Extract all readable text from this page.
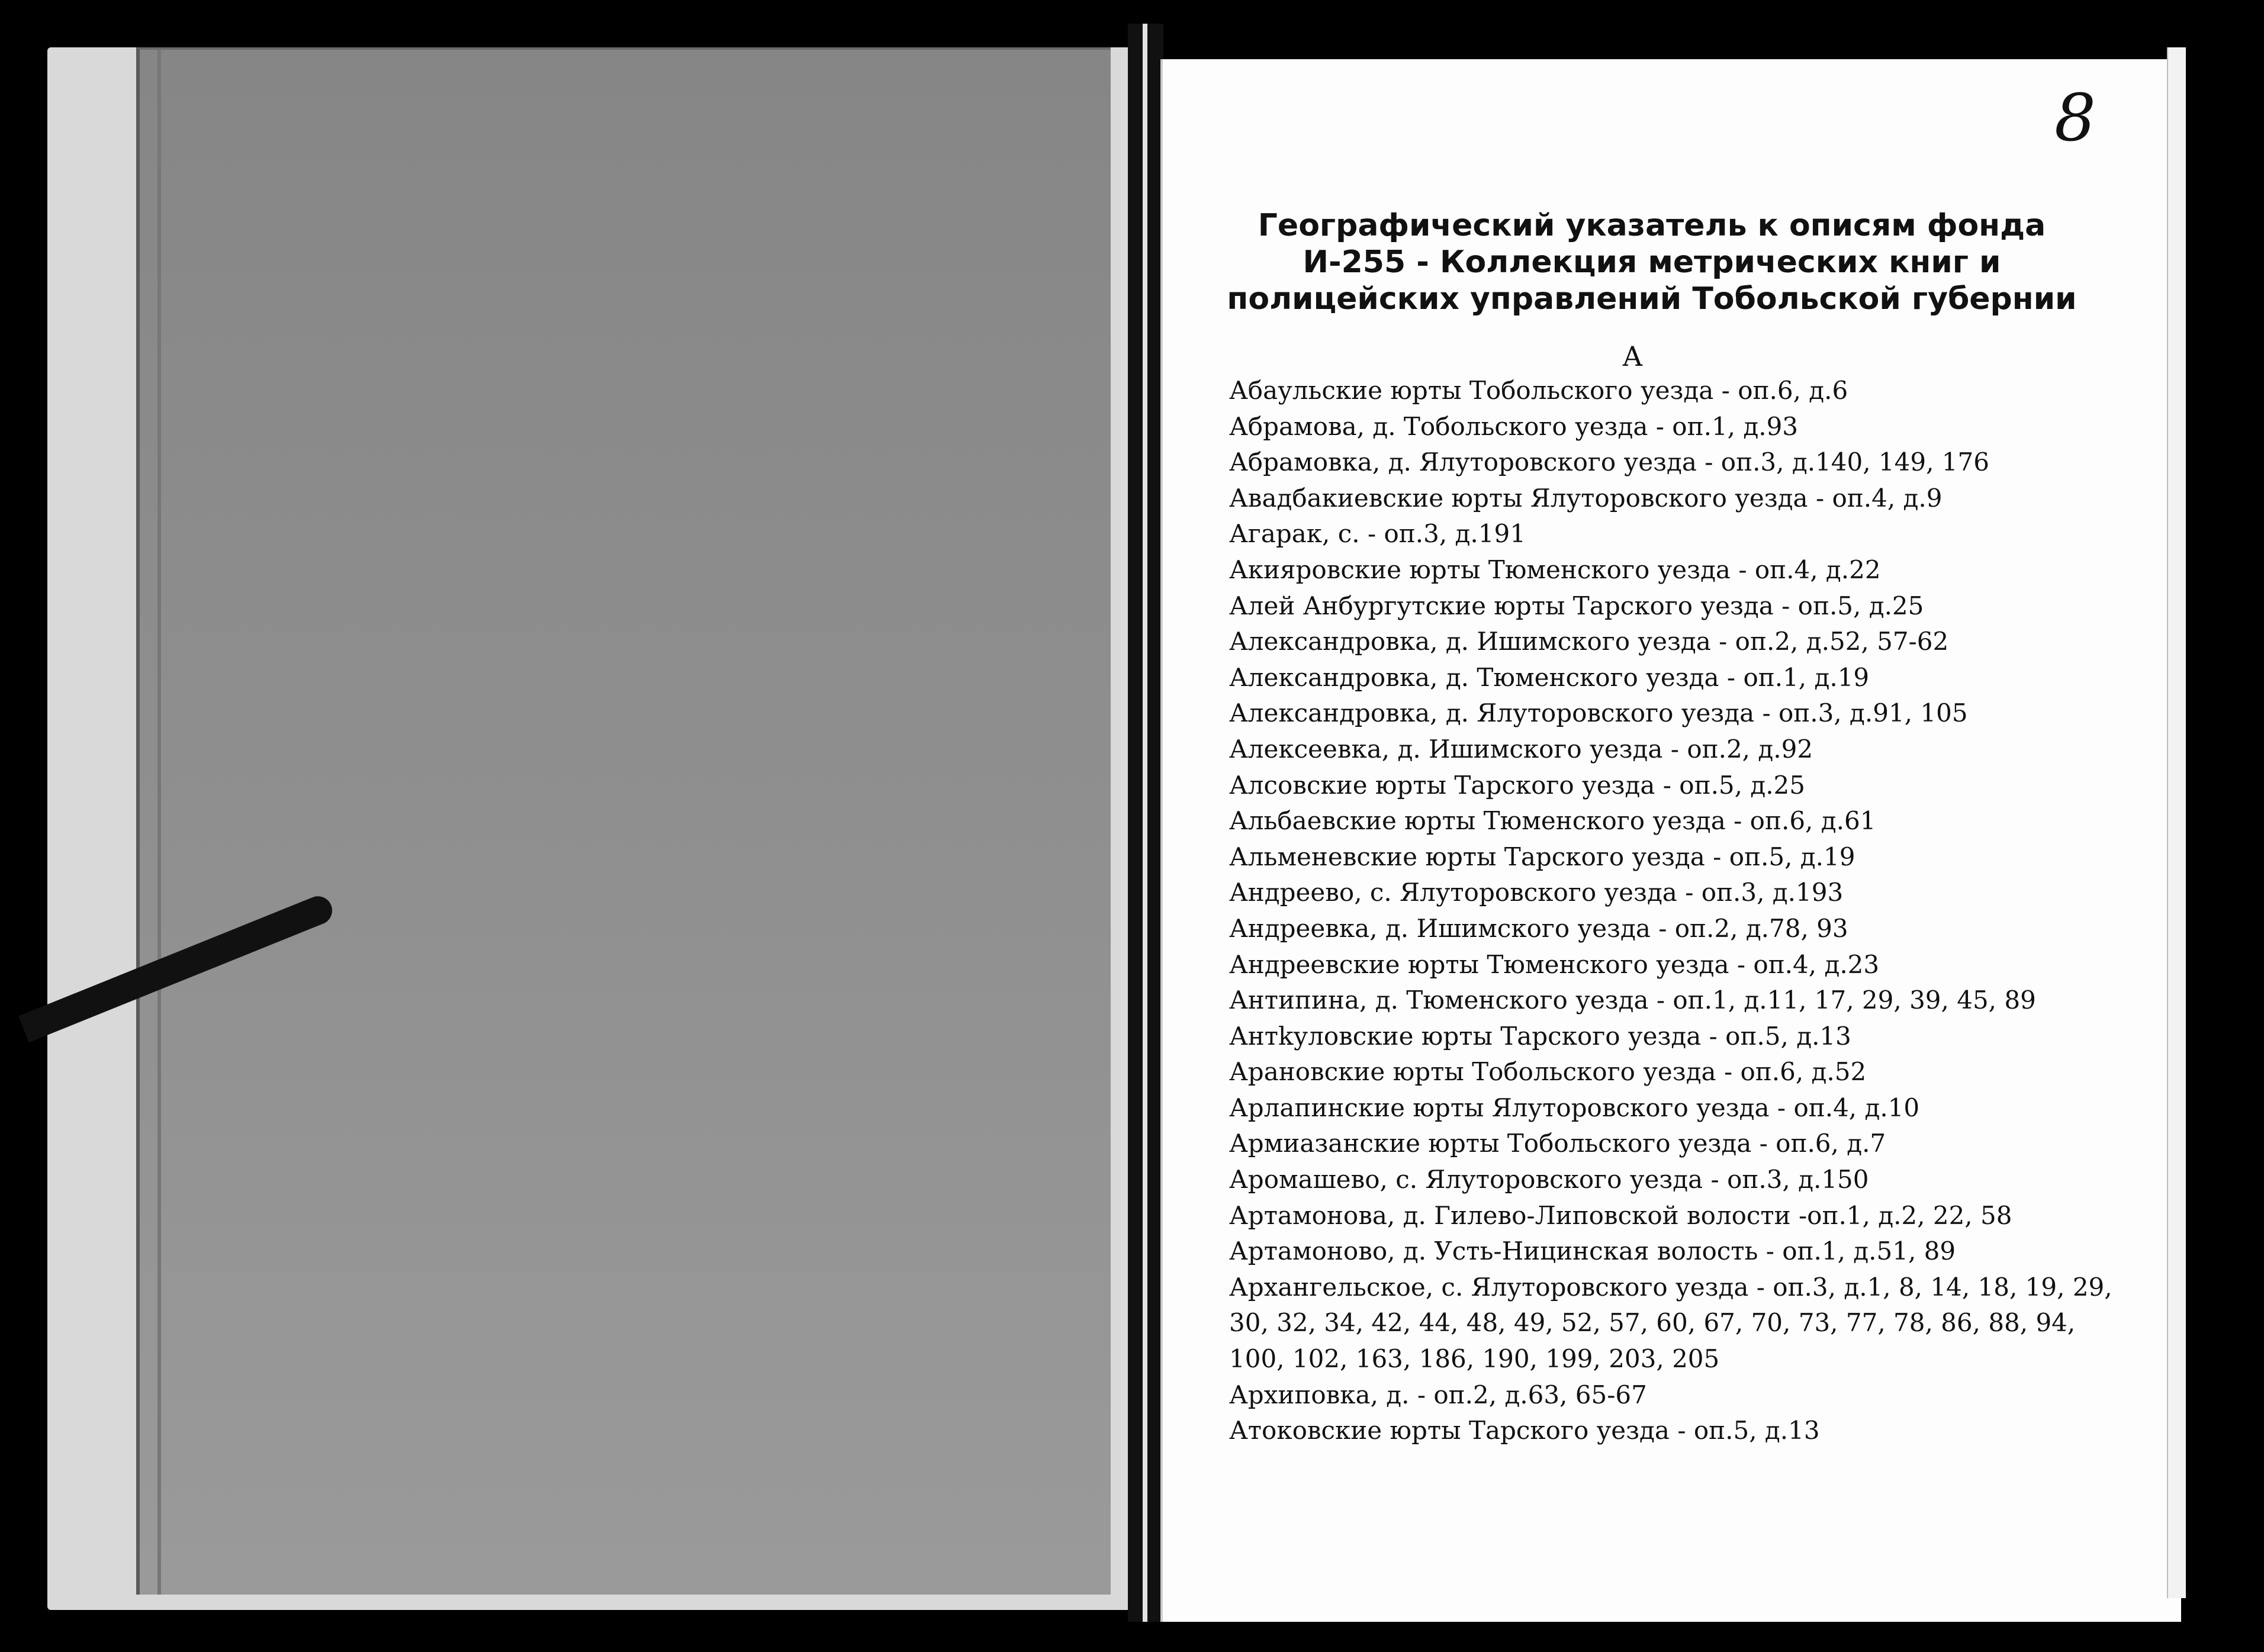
8
Географический указатель к описям фонда И-255 - Коллекция метрических книг и полицейских управлений Тобольской губернии
А
Абаульские юрты Тобольского уезда - оп.6, д.6
Абрамова, д. Тобольского уезда - оп.1, д.93
Абрамовка, д. Ялуторовского уезда - оп.3, д.140, 149, 176
Авадбакиевские юрты Ялуторовского уезда - оп.4, д.9
Агарак, с. - оп.3, д.191
Акияровские юрты Тюменского уезда - оп.4, д.22
Алей Анбургутские юрты Тарского уезда - оп.5, д.25
Александровка, д. Ишимского уезда - оп.2, д.52, 57-62
Александровка, д. Тюменского уезда - оп.1, д.19
Александровка, д. Ялуторовского уезда - оп.3, д.91, 105
Алексеевка, д. Ишимского уезда - оп.2, д.92
Алсовские юрты Тарского уезда - оп.5, д.25
Альбаевские юрты Тюменского уезда - оп.6, д.61
Альменевские юрты Тарского уезда - оп.5, д.19
Андреево, с. Ялуторовского уезда - оп.3, д.193
Андреевка, д. Ишимского уезда - оп.2, д.78, 93
Андреевские юрты Тюменского уезда - оп.4, д.23
Антипина, д. Тюменского уезда - оп.1, д.11, 17, 29, 39, 45, 89
Антkуловские юрты Тарского уезда - оп.5, д.13
Арановские юрты Тобольского уезда - оп.6, д.52
Арлапинские юрты Ялуторовского уезда - оп.4, д.10
Армиазанские юрты Тобольского уезда - оп.6, д.7
Аромашево, с. Ялуторовского уезда - оп.3, д.150
Артамонова, д. Гилево-Липовской волости -оп.1, д.2, 22, 58
Артамоново, д. Усть-Ницинская волость - оп.1, д.51, 89
Архангельское, с. Ялуторовского уезда - оп.3, д.1, 8, 14, 18, 19, 29, 30, 32, 34, 42, 44, 48, 49, 52, 57, 60, 67, 70, 73, 77, 78, 86, 88, 94, 100, 102, 163, 186, 190, 199, 203, 205
Архиповка, д. - оп.2, д.63, 65-67
Атоковские юрты Тарского уезда - оп.5, д.13
